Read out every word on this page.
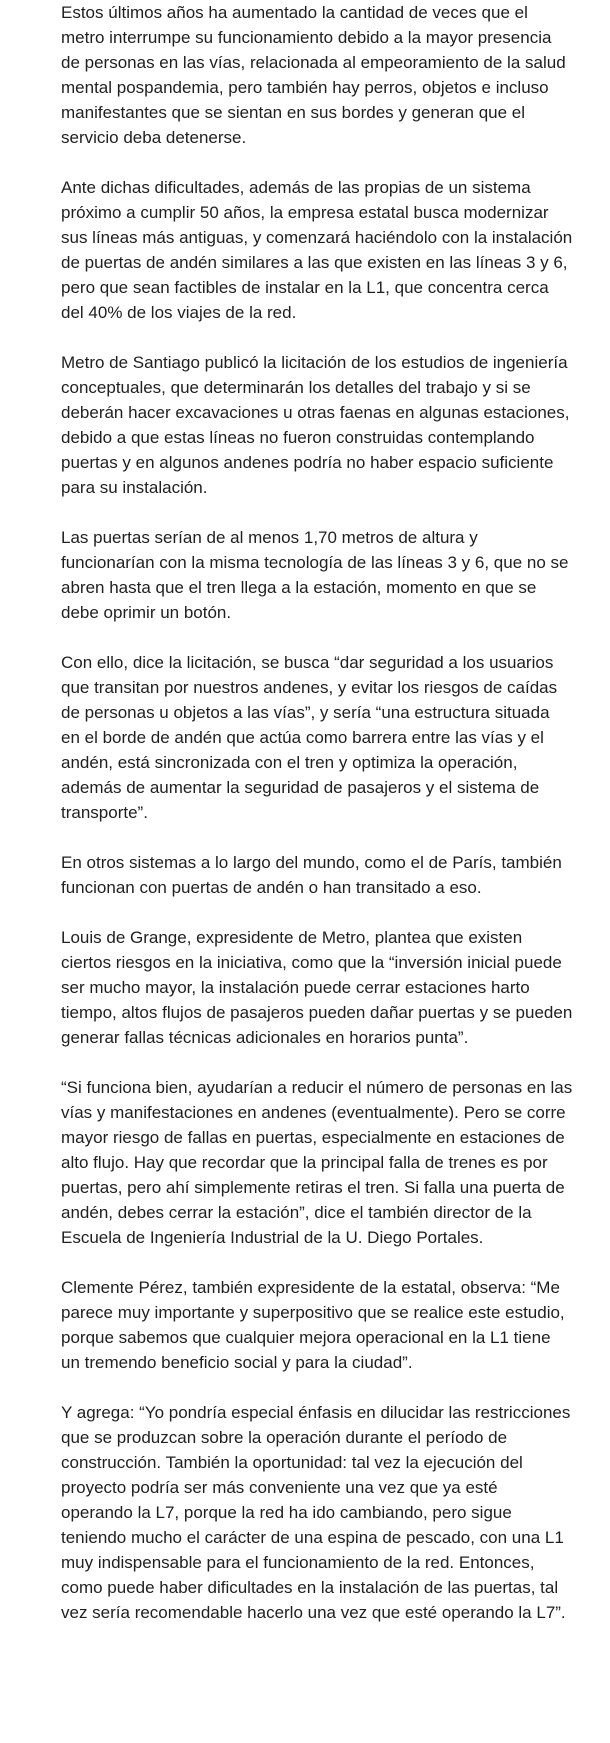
Estos últimos años ha aumentado la cantidad de veces que el metro interrumpe su funcionamiento debido a la mayor presencia de personas en las vías, relacionada al empeoramiento de la salud mental pospandemia, pero también hay perros, objetos e incluso manifestantes que se sientan en sus bordes y generan que el servicio deba detenerse.

Ante dichas dificultades, además de las propias de un sistema próximo a cumplir 50 años, la empresa estatal busca modernizar sus líneas más antiguas, y comenzará haciéndolo con la instalación de puertas de andén similares a las que existen en las líneas 3 y 6, pero que sean factibles de instalar en la L1, que concentra cerca del 40% de los viajes de la red.

Metro de Santiago publicó la licitación de los estudios de ingeniería conceptuales, que determinarán los detalles del trabajo y si se deberán hacer excavaciones u otras faenas en algunas estaciones, debido a que estas líneas no fueron construidas contemplando puertas y en algunos andenes podría no haber espacio suficiente para su instalación.

Las puertas serían de al menos 1,70 metros de altura y funcionarían con la misma tecnología de las líneas 3 y 6, que no se abren hasta que el tren llega a la estación, momento en que se debe oprimir un botón.

Con ello, dice la licitación, se busca “dar seguridad a los usuarios que transitan por nuestros andenes, y evitar los riesgos de caídas de personas u objetos a las vías”, y sería “una estructura situada en el borde de andén que actúa como barrera entre las vías y el andén, está sincronizada con el tren y optimiza la operación, además de aumentar la seguridad de pasajeros y el sistema de transporte”.

En otros sistemas a lo largo del mundo, como el de París, también funcionan con puertas de andén o han transitado a eso.

Louis de Grange, expresidente de Metro, plantea que existen ciertos riesgos en la iniciativa, como que la “inversión inicial puede ser mucho mayor, la instalación puede cerrar estaciones harto tiempo, altos flujos de pasajeros pueden dañar puertas y se pueden generar fallas técnicas adicionales en horarios punta”.

“Si funciona bien, ayudarían a reducir el número de personas en las vías y manifestaciones en andenes (eventualmente). Pero se corre mayor riesgo de fallas en puertas, especialmente en estaciones de alto flujo. Hay que recordar que la principal falla de trenes es por puertas, pero ahí simplemente retiras el tren. Si falla una puerta de andén, debes cerrar la estación”, dice el también director de la Escuela de Ingeniería Industrial de la U. Diego Portales.

Clemente Pérez, también expresidente de la estatal, observa: “Me parece muy importante y superpositivo que se realice este estudio, porque sabemos que cualquier mejora operacional en la L1 tiene un tremendo beneficio social y para la ciudad”.

Y agrega: “Yo pondría especial énfasis en dilucidar las restricciones que se produzcan sobre la operación durante el período de construcción. También la oportunidad: tal vez la ejecución del proyecto podría ser más conveniente una vez que ya esté operando la L7, porque la red ha ido cambiando, pero sigue teniendo mucho el carácter de una espina de pescado, con una L1 muy indispensable para el funcionamiento de la red. Entonces, como puede haber dificultades en la instalación de las puertas, tal vez sería recomendable hacerlo una vez que esté operando la L7”.
